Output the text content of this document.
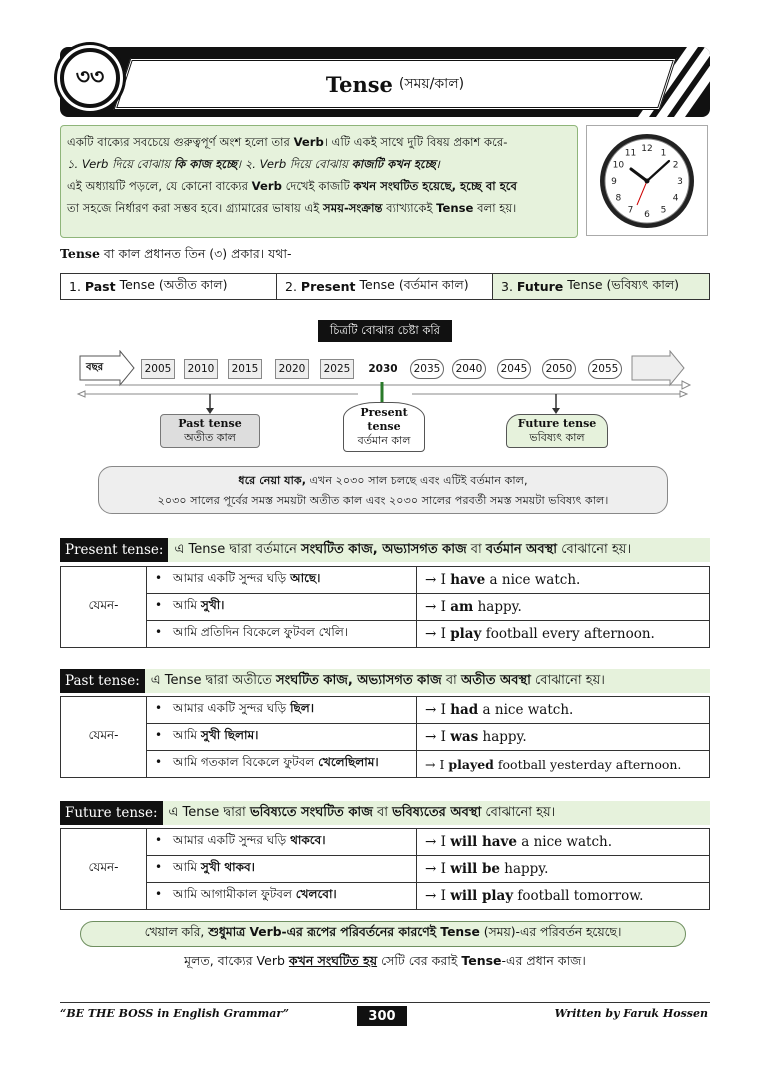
Tense (সময়/কাল)
৩৩
একটি বাক্যের সবচেয়ে গুরুত্বপূর্ণ অংশ হলো তার Verb। এটি একই সাথে দুটি বিষয় প্রকাশ করে-
১. Verb দিয়ে বোঝায় কি কাজ হচ্ছে। ২. Verb দিয়ে বোঝায় কাজটি কখন হচ্ছে।
এই অধ্যায়টি পড়লে, যে কোনো বাক্যের Verb দেখেই কাজটি কখন সংঘটিত হয়েছে, হচ্ছে বা হবে
তা সহজে নির্ধারণ করা সম্ভব হবে। গ্র্যামারের ভাষায় এই সময়-সংক্রান্ত ব্যাখ্যাকেই Tense বলা হয়।
12 1
2
3
4
5
6
7
8
9
10
11
Tense বা কাল প্রধানত তিন (৩) প্রকার। যথা-
1.
Past
Tense (অতীত কাল)	2.
Present
Tense (বর্তমান কাল)	3.
Future
Tense (ভবিষ্যৎ কাল)
চিত্রটি বোঝার চেষ্টা করি
বছর	2005	2010	2015	2020	2025	2030	2035	2040	2045	2050	2055
Past tense
অতীত কাল
Present tense
বর্তমান কাল
Future tense
ভবিষ্যৎ কাল
ধরে নেয়া যাক, এখন ২০৩০ সাল চলছে এবং এটিই বর্তমান কাল,
২০৩০ সালের পূর্বের সমস্ত সময়টা অতীত কাল এবং ২০৩০ সালের পরবর্তী সমস্ত সময়টা ভবিষ্যৎ কাল।
Present tense: এ Tense দ্বারা বর্তমানে
সংঘটিত কাজ, অভ্যাসগত কাজ
বা
বর্তমান অবস্থা
বোঝানো হয়।
যেমন-	• আমার একটি সুন্দর ঘড়ি আছে।	→ I have a nice watch.
	• আমি সুখী।	→ I am happy.
	• আমি প্রতিদিন বিকেলে ফুটবল খেলি।	→ I play football every afternoon.
Past tense: এ Tense দ্বারা অতীতে
সংঘটিত কাজ, অভ্যাসগত কাজ
বা
অতীত অবস্থা
বোঝানো হয়।
যেমন-	• আমার একটি সুন্দর ঘড়ি ছিল।	→ I had a nice watch.
	• আমি সুখী ছিলাম।	→ I was happy.
	• আমি গতকাল বিকেলে ফুটবল খেলেছিলাম।	→ I played football yesterday afternoon.
Future tense: এ Tense দ্বারা
ভবিষ্যতে সংঘটিত কাজ
বা
ভবিষ্যতের অবস্থা
বোঝানো হয়।
যেমন-	• আমার একটি সুন্দর ঘড়ি থাকবে।	→ I will have a nice watch.
	• আমি সুখী থাকব।	→ I will be happy.
	• আমি আগামীকাল ফুটবল খেলবো।	→ I will play football tomorrow.
খেয়াল করি,
শুধুমাত্র Verb-এর রূপের পরিবর্তনের কারণেই Tense
(সময়)-এর পরিবর্তন হয়েছে।
মূলত, বাক্যের Verb কখন সংঘটিত হয় সেটি বের করাই Tense-এর প্রধান কাজ।
“BE THE BOSS in English Grammar”	300	Written by Faruk Hossen
